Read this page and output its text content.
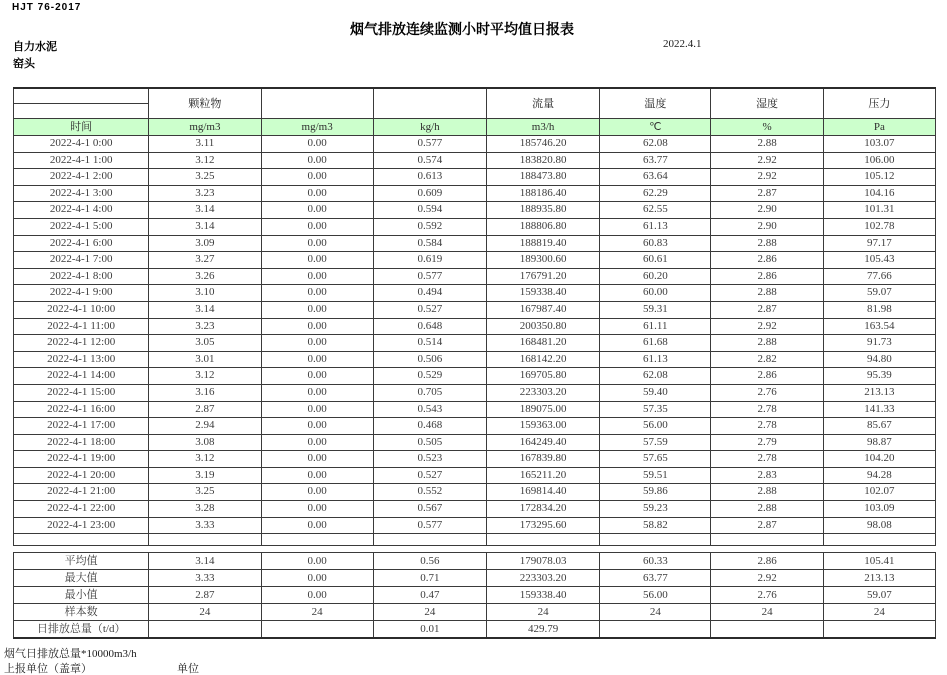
HJT 76-2017
烟气排放连续监测小时平均值日报表
自力水泥
窑头
2022.4.1
	颗粒物			流量	温度	湿度	压力

时间	mg/m3	mg/m3	kg/h	m3/h	℃	%	Pa
2022-4-1 0:00	3.11	0.00	0.577	185746.20	62.08	2.88	103.07
2022-4-1 1:00	3.12	0.00	0.574	183820.80	63.77	2.92	106.00
2022-4-1 2:00	3.25	0.00	0.613	188473.80	63.64	2.92	105.12
2022-4-1 3:00	3.23	0.00	0.609	188186.40	62.29	2.87	104.16
2022-4-1 4:00	3.14	0.00	0.594	188935.80	62.55	2.90	101.31
2022-4-1 5:00	3.14	0.00	0.592	188806.80	61.13	2.90	102.78
2022-4-1 6:00	3.09	0.00	0.584	188819.40	60.83	2.88	97.17
2022-4-1 7:00	3.27	0.00	0.619	189300.60	60.61	2.86	105.43
2022-4-1 8:00	3.26	0.00	0.577	176791.20	60.20	2.86	77.66
2022-4-1 9:00	3.10	0.00	0.494	159338.40	60.00	2.88	59.07
2022-4-1 10:00	3.14	0.00	0.527	167987.40	59.31	2.87	81.98
2022-4-1 11:00	3.23	0.00	0.648	200350.80	61.11	2.92	163.54
2022-4-1 12:00	3.05	0.00	0.514	168481.20	61.68	2.88	91.73
2022-4-1 13:00	3.01	0.00	0.506	168142.20	61.13	2.82	94.80
2022-4-1 14:00	3.12	0.00	0.529	169705.80	62.08	2.86	95.39
2022-4-1 15:00	3.16	0.00	0.705	223303.20	59.40	2.76	213.13
2022-4-1 16:00	2.87	0.00	0.543	189075.00	57.35	2.78	141.33
2022-4-1 17:00	2.94	0.00	0.468	159363.00	56.00	2.78	85.67
2022-4-1 18:00	3.08	0.00	0.505	164249.40	57.59	2.79	98.87
2022-4-1 19:00	3.12	0.00	0.523	167839.80	57.65	2.78	104.20
2022-4-1 20:00	3.19	0.00	0.527	165211.20	59.51	2.83	94.28
2022-4-1 21:00	3.25	0.00	0.552	169814.40	59.86	2.88	102.07
2022-4-1 22:00	3.28	0.00	0.567	172834.20	59.23	2.88	103.09
2022-4-1 23:00	3.33	0.00	0.577	173295.60	58.82	2.87	98.08

平均值	3.14	0.00	0.56	179078.03	60.33	2.86	105.41
最大值	3.33	0.00	0.71	223303.20	63.77	2.92	213.13
最小值	2.87	0.00	0.47	159338.40	56.00	2.76	59.07
样本数	24	24	24	24	24	24	24
日排放总量（t/d）			0.01	429.79			
烟气日排放总量*10000m3/h
上报单位（盖章）	单位
